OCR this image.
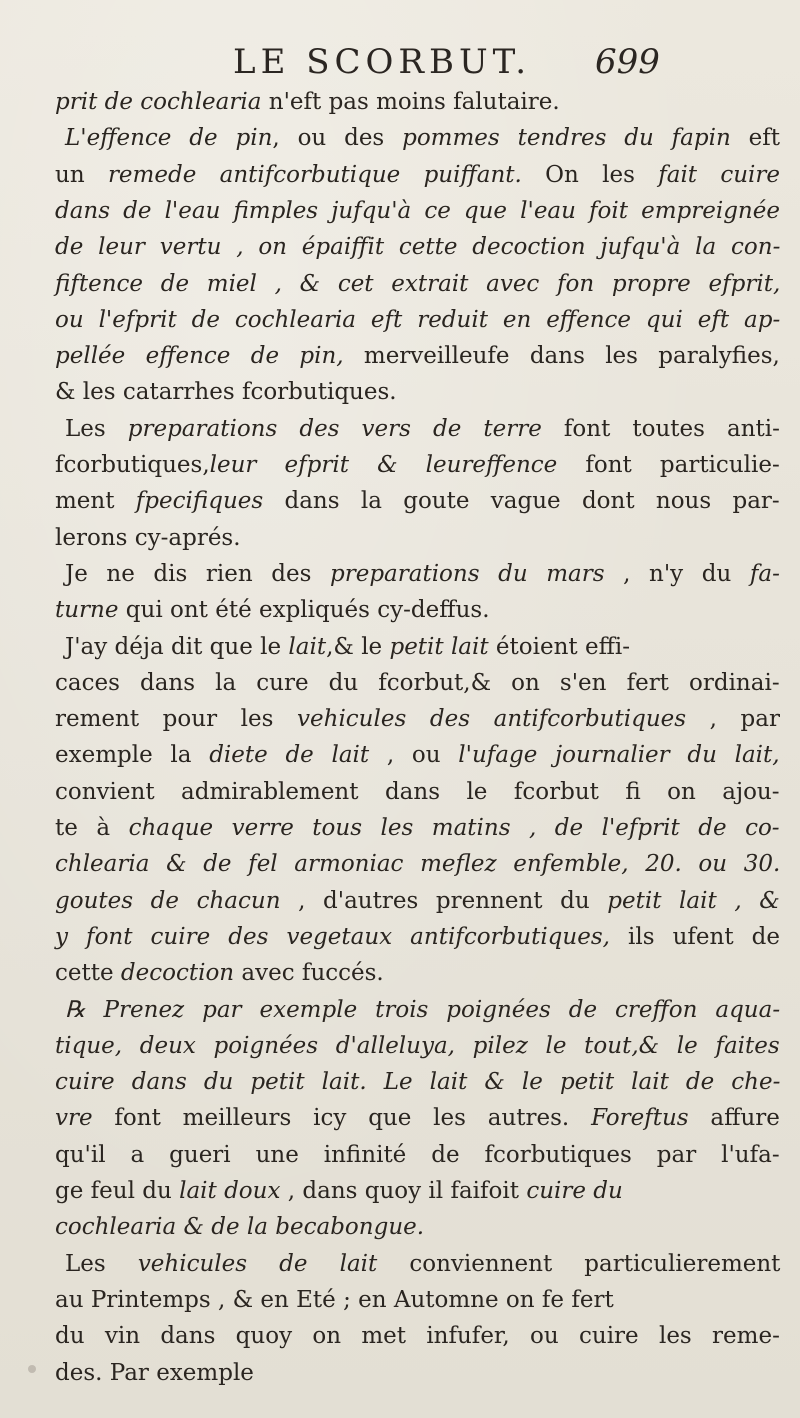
LE SCORBUT. 699
prit de cochlearia n'eft pas moins falutaire.
L'effence de pin, ou des pommes tendres du fapin eft
un remede antifcorbutique puiffant. On les fait cuire
dans de l'eau fimples jufqu'à ce que l'eau foit empreignée
de leur vertu , on épaiffit cette decoction jufqu'à la con-
fiftence de miel , & cet extrait avec fon propre efprit,
ou l'efprit de cochlearia eft reduit en effence qui eft ap-
pellée effence de pin, merveilleufe dans les paralyfies,
& les catarrhes fcorbutiques.
Les preparations des vers de terre font toutes anti-
fcorbutiques,leur efprit & leureffence font particulie-
ment fpecifiques dans la goute vague dont nous par-
lerons cy-aprés.
Je ne dis rien des preparations du mars , n'y du fa-
turne qui ont été expliqués cy-deffus.
J'ay déja dit que le lait,& le petit lait étoient effi-
caces dans la cure du fcorbut,& on s'en fert ordinai-
rement pour les vehicules des antifcorbutiques , par
exemple la diete de lait , ou l'ufage journalier du lait,
convient admirablement dans le fcorbut fi on ajou-
te à chaque verre tous les matins , de l'efprit de co-
chlearia & de fel armoniac meflez enfemble, 20. ou 30.
goutes de chacun , d'autres prennent du petit lait , &
y font cuire des vegetaux antifcorbutiques, ils ufent de
cette decoction avec fuccés.
℞ Prenez par exemple trois poignées de creffon aqua-
tique, deux poignées d'alleluya, pilez le tout,& le faites
cuire dans du petit lait. Le lait & le petit lait de che-
vre font meilleurs icy que les autres. Foreftus affure
qu'il a gueri une infinité de fcorbutiques par l'ufa-
ge feul du lait doux , dans quoy il faifoit cuire du
cochlearia & de la becabongue.
Les vehicules de lait conviennent particulierement
au Printemps , & en Eté ; en Automne on fe fert
du vin dans quoy on met infufer, ou cuire les reme-
des. Par exemple
